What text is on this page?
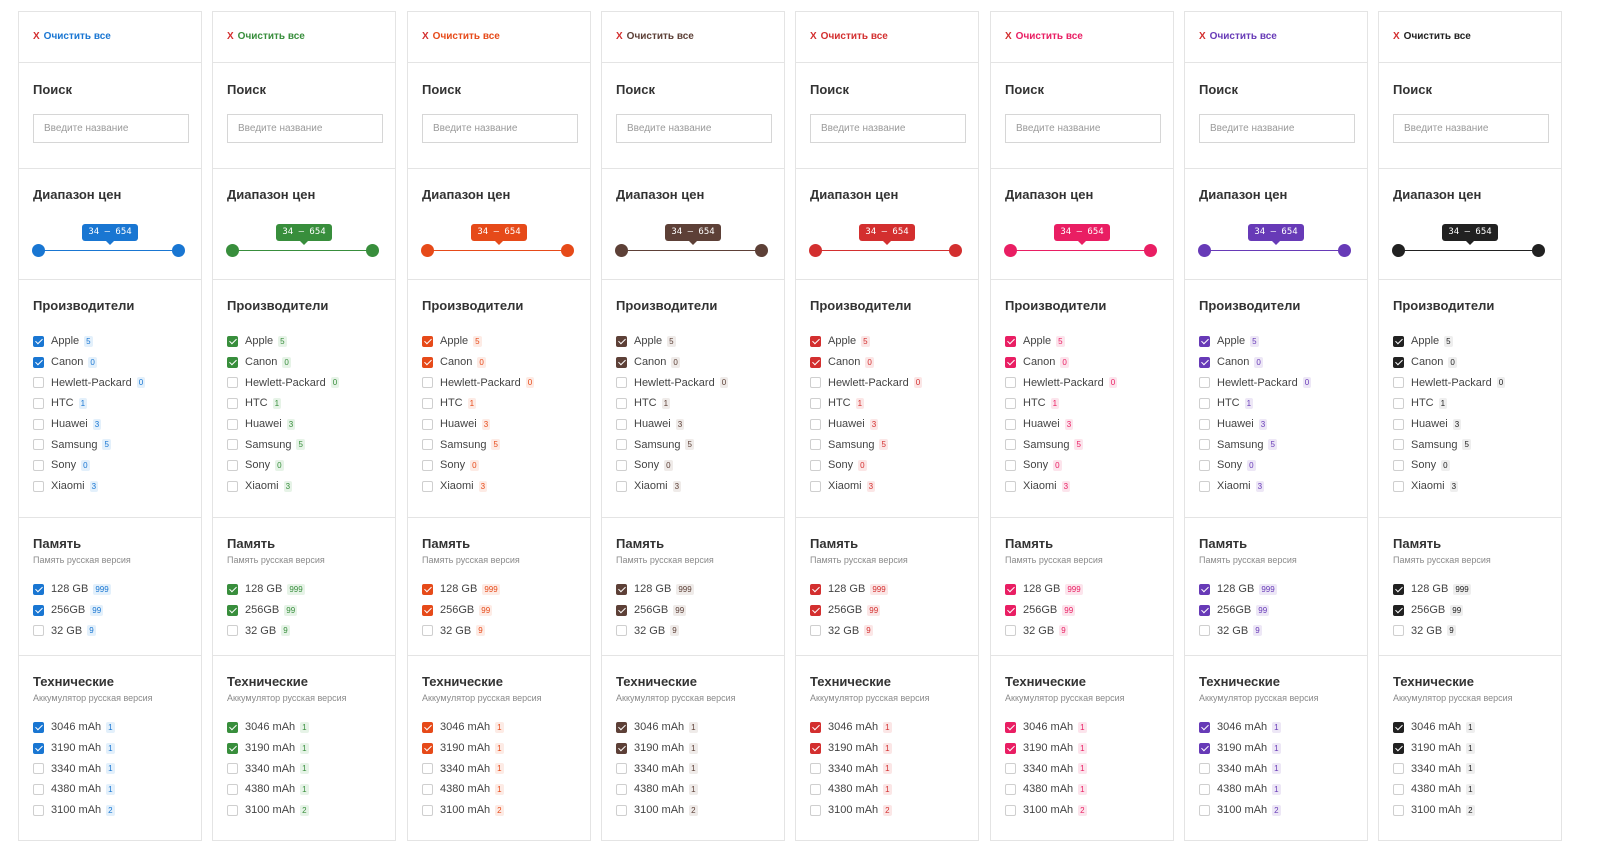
X Очистить все
Поиск
Введите название
Диапазон цен
34 – 654
Производители
Apple 5
Canon 0
Hewlett-Packard 0
HTC 1
Huawei 3
Samsung 5
Sony 0
Xiaomi 3
Память
Память русская версия
128 GB 999
256GB 99
32 GB 9
Технические
Аккумулятор русская версия
3046 mAh 1
3190 mAh 1
3340 mAh 1
4380 mAh 1
3100 mAh 2
X Очистить все
Поиск
Введите название
Диапазон цен
34 – 654
Производители
Apple 5
Canon 0
Hewlett-Packard 0
HTC 1
Huawei 3
Samsung 5
Sony 0
Xiaomi 3
Память
Память русская версия
128 GB 999
256GB 99
32 GB 9
Технические
Аккумулятор русская версия
3046 mAh 1
3190 mAh 1
3340 mAh 1
4380 mAh 1
3100 mAh 2
X Очистить все
Поиск
Введите название
Диапазон цен
34 – 654
Производители
Apple 5
Canon 0
Hewlett-Packard 0
HTC 1
Huawei 3
Samsung 5
Sony 0
Xiaomi 3
Память
Память русская версия
128 GB 999
256GB 99
32 GB 9
Технические
Аккумулятор русская версия
3046 mAh 1
3190 mAh 1
3340 mAh 1
4380 mAh 1
3100 mAh 2
X Очистить все
Поиск
Введите название
Диапазон цен
34 – 654
Производители
Apple 5
Canon 0
Hewlett-Packard 0
HTC 1
Huawei 3
Samsung 5
Sony 0
Xiaomi 3
Память
Память русская версия
128 GB 999
256GB 99
32 GB 9
Технические
Аккумулятор русская версия
3046 mAh 1
3190 mAh 1
3340 mAh 1
4380 mAh 1
3100 mAh 2
X Очистить все
Поиск
Введите название
Диапазон цен
34 – 654
Производители
Apple 5
Canon 0
Hewlett-Packard 0
HTC 1
Huawei 3
Samsung 5
Sony 0
Xiaomi 3
Память
Память русская версия
128 GB 999
256GB 99
32 GB 9
Технические
Аккумулятор русская версия
3046 mAh 1
3190 mAh 1
3340 mAh 1
4380 mAh 1
3100 mAh 2
X Очистить все
Поиск
Введите название
Диапазон цен
34 – 654
Производители
Apple 5
Canon 0
Hewlett-Packard 0
HTC 1
Huawei 3
Samsung 5
Sony 0
Xiaomi 3
Память
Память русская версия
128 GB 999
256GB 99
32 GB 9
Технические
Аккумулятор русская версия
3046 mAh 1
3190 mAh 1
3340 mAh 1
4380 mAh 1
3100 mAh 2
X Очистить все
Поиск
Введите название
Диапазон цен
34 – 654
Производители
Apple 5
Canon 0
Hewlett-Packard 0
HTC 1
Huawei 3
Samsung 5
Sony 0
Xiaomi 3
Память
Память русская версия
128 GB 999
256GB 99
32 GB 9
Технические
Аккумулятор русская версия
3046 mAh 1
3190 mAh 1
3340 mAh 1
4380 mAh 1
3100 mAh 2
X Очистить все
Поиск
Введите название
Диапазон цен
34 – 654
Производители
Apple 5
Canon 0
Hewlett-Packard 0
HTC 1
Huawei 3
Samsung 5
Sony 0
Xiaomi 3
Память
Память русская версия
128 GB 999
256GB 99
32 GB 9
Технические
Аккумулятор русская версия
3046 mAh 1
3190 mAh 1
3340 mAh 1
4380 mAh 1
3100 mAh 2
